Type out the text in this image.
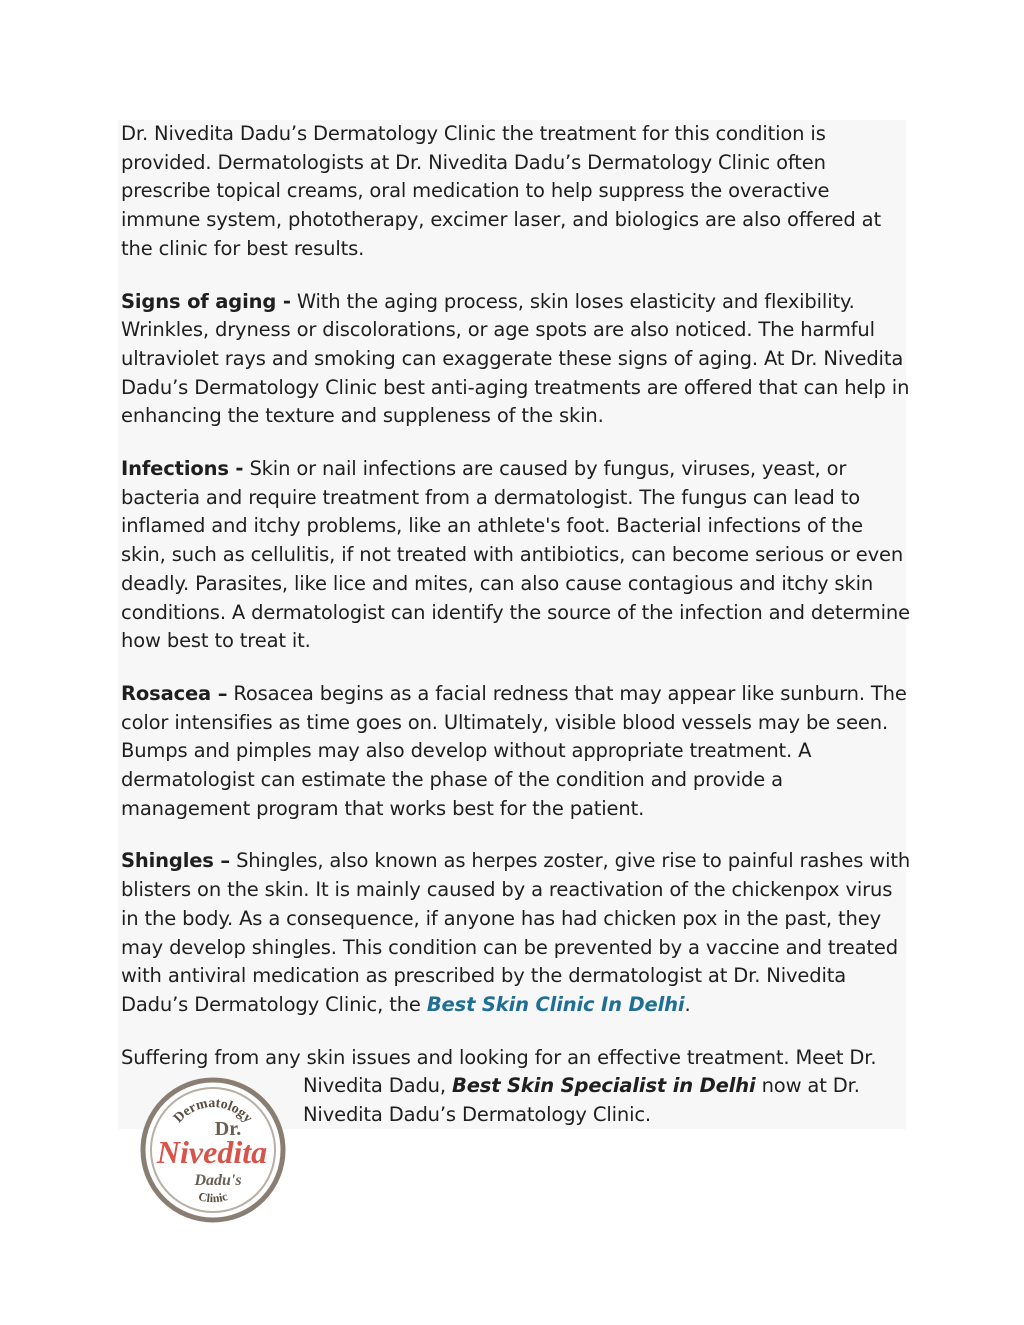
Dr. Nivedita Dadu’s Dermatology Clinic the treatment for this condition is provided. Dermatologists at Dr. Nivedita Dadu’s Dermatology Clinic often prescribe topical creams, oral medication to help suppress the overactive immune system, phototherapy, excimer laser, and biologics are also offered at the clinic for best results.

Signs of aging - With the aging process, skin loses elasticity and flexibility. Wrinkles, dryness or discolorations, or age spots are also noticed. The harmful ultraviolet rays and smoking can exaggerate these signs of aging. At Dr. Nivedita Dadu’s Dermatology Clinic best anti-aging treatments are offered that can help in enhancing the texture and suppleness of the skin.

Infections - Skin or nail infections are caused by fungus, viruses, yeast, or bacteria and require treatment from a dermatologist. The fungus can lead to inflamed and itchy problems, like an athlete's foot. Bacterial infections of the skin, such as cellulitis, if not treated with antibiotics, can become serious or even deadly. Parasites, like lice and mites, can also cause contagious and itchy skin conditions. A dermatologist can identify the source of the infection and determine how best to treat it.

Rosacea – Rosacea begins as a facial redness that may appear like sunburn. The color intensifies as time goes on. Ultimately, visible blood vessels may be seen. Bumps and pimples may also develop without appropriate treatment. A dermatologist can estimate the phase of the condition and provide a management program that works best for the patient.

Shingles – Shingles, also known as herpes zoster, give rise to painful rashes with blisters on the skin. It is mainly caused by a reactivation of the chickenpox virus in the body. As a consequence, if anyone has had chicken pox in the past, they may develop shingles. This condition can be prevented by a vaccine and treated with antiviral medication as prescribed by the dermatologist at Dr. Nivedita Dadu’s Dermatology Clinic, the Best Skin Clinic In Delhi.

Suffering from any skin issues and looking for an effective treatment. Meet Dr.
Nivedita Dadu, Best Skin Specialist in Delhi now at Dr.
Nivedita Dadu’s Dermatology Clinic.

Dermatology
Dr.
Nivedita
Dadu's
Clinic
